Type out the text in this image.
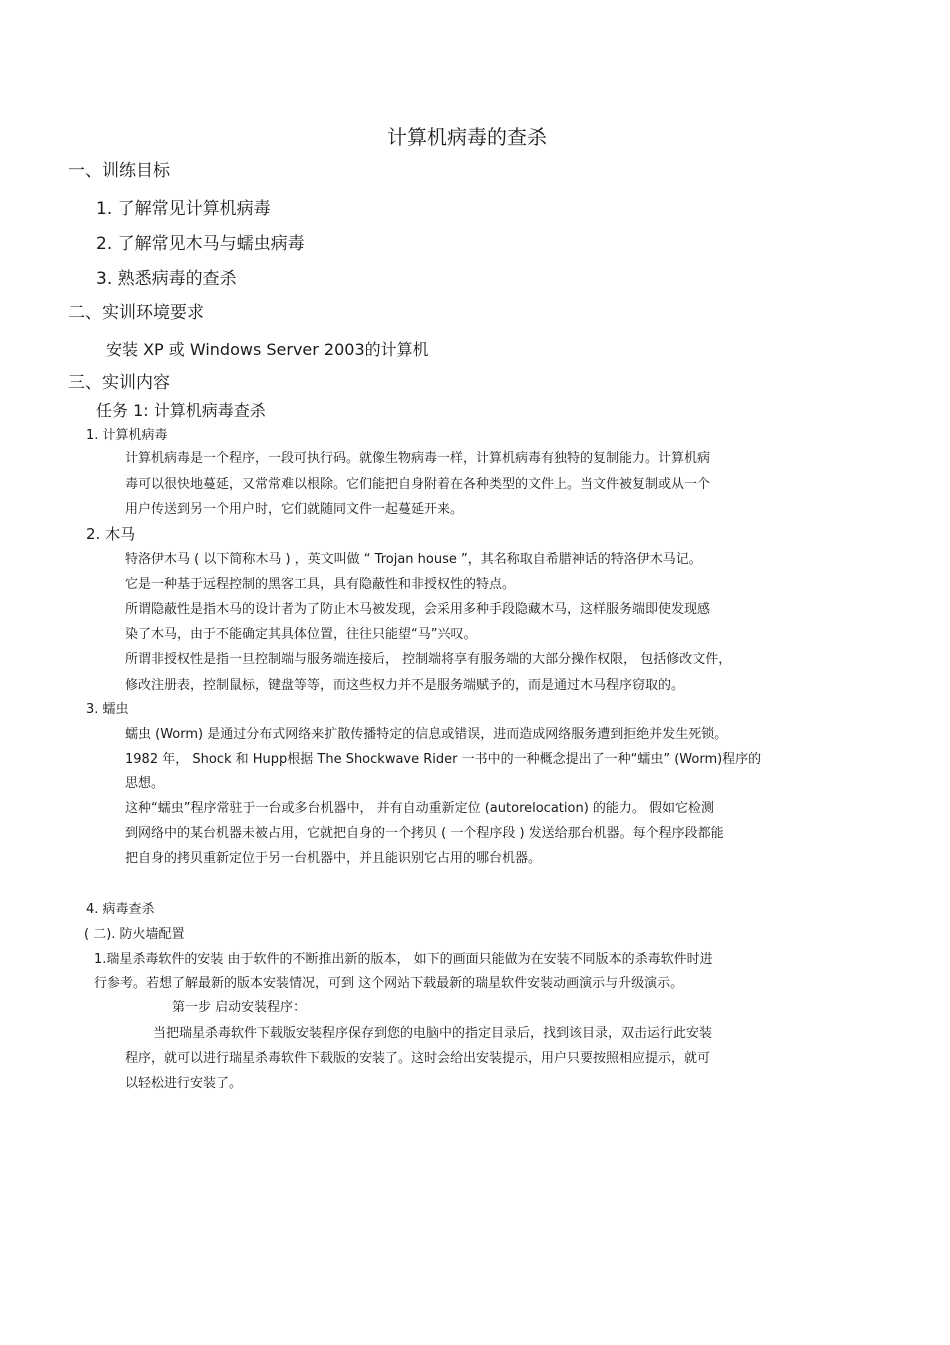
计算机病毒的查杀
一、训练目标
1. 了解常见计算机病毒
2. 了解常见木马与蠕虫病毒
3. 熟悉病毒的查杀
二、实训环境要求
安装 XP 或 Windows Server 2003的计算机
三、实训内容
任务 1: 计算机病毒查杀
1. 计算机病毒
计算机病毒是一个程序，一段可执行码。就像生物病毒一样，计算机病毒有独特的复制能力。计算机病
毒可以很快地蔓延，又常常难以根除。它们能把自身附着在各种类型的文件上。当文件被复制或从一个
用户传送到另一个用户时，它们就随同文件一起蔓延开来。
2. 木马
特洛伊木马 ( 以下简称木马 ) ，英文叫做 “ Trojan house ”，其名称取自希腊神话的特洛伊木马记。
它是一种基于远程控制的黑客工具，具有隐蔽性和非授权性的特点。
所谓隐蔽性是指木马的设计者为了防止木马被发现，会采用多种手段隐藏木马，这样服务端即使发现感
染了木马，由于不能确定其具体位置，往往只能望“马”兴叹。
所谓非授权性是指一旦控制端与服务端连接后， 控制端将享有服务端的大部分操作权限， 包括修改文件，
修改注册表，控制鼠标，键盘等等，而这些权力并不是服务端赋予的，而是通过木马程序窃取的。
3. 蠕虫
蠕虫 (Worm) 是通过分布式网络来扩散传播特定的信息或错误，进而造成网络服务遭到拒绝并发生死锁。
1982 年， Shock 和 Hupp根据 The Shockwave Rider 一书中的一种概念提出了一种“蠕虫” (Worm)程序的
思想。
这种“蠕虫”程序常驻于一台或多台机器中， 并有自动重新定位 (autorelocation) 的能力。 假如它检测
到网络中的某台机器未被占用，它就把自身的一个拷贝 ( 一个程序段 ) 发送给那台机器。每个程序段都能
把自身的拷贝重新定位于另一台机器中，并且能识别它占用的哪台机器。
4. 病毒查杀
( 二). 防火墙配置
1.瑞星杀毒软件的安装 由于软件的不断推出新的版本， 如下的画面只能做为在安装不同版本的杀毒软件时进
行参考。若想了解最新的版本安装情况，可到 这个网站下载最新的瑞星软件安装动画演示与升级演示。
第一步 启动安装程序：
当把瑞星杀毒软件下载版安装程序保存到您的电脑中的指定目录后，找到该目录，双击运行此安装
程序，就可以进行瑞星杀毒软件下载版的安装了。这时会给出安装提示，用户只要按照相应提示，就可
以轻松进行安装了。
